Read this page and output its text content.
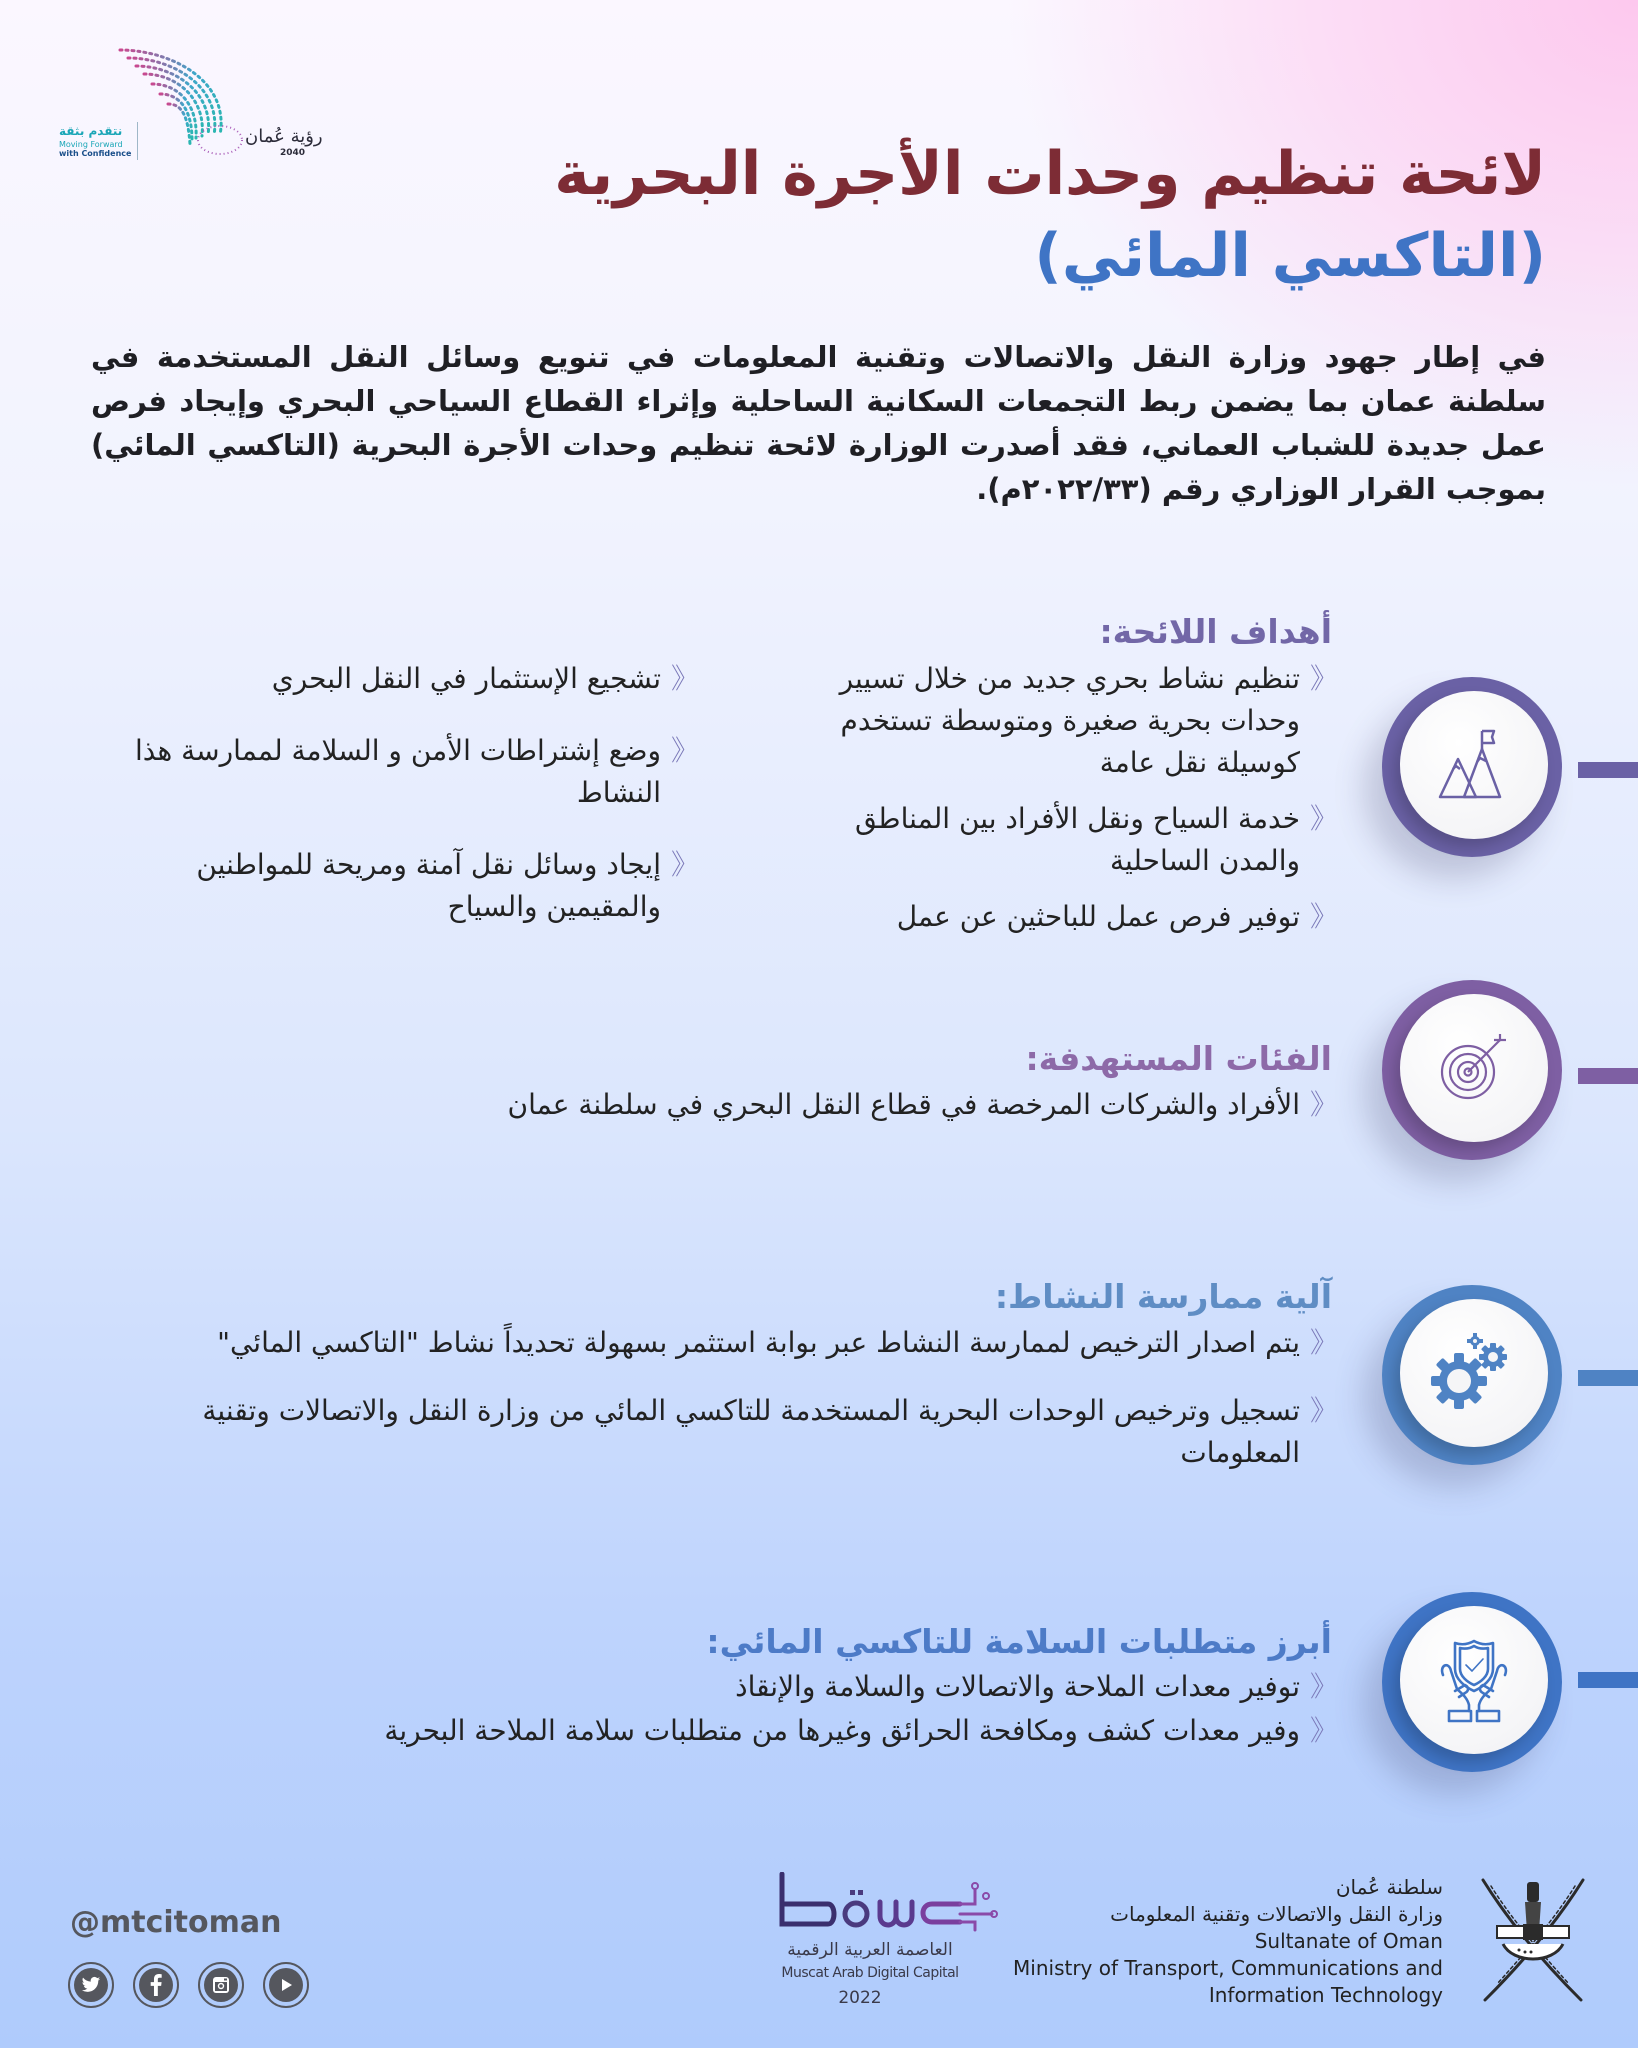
نتقدم بثقة
Moving Forward
with Confidence
رؤية عُمان
2040	لائحة تنظيم وحدات الأجرة البحرية
(التاكسي المائي)
في إطار جهود وزارة النقل والاتصالات وتقنية المعلومات في تنويع وسائل النقل المستخدمة في سلطنة عمان بما يضمن ربط التجمعات السكانية الساحلية وإثراء القطاع السياحي البحري وإيجاد فرص عمل جديدة للشباب العماني، فقد أصدرت الوزارة لائحة تنظيم وحدات الأجرة البحرية (التاكسي المائي) بموجب القرار الوزاري رقم (٢٠٢٢/٣٣م).
أهداف اللائحة:
《
تنظيم نشاط بحري جديد من خلال تسيير وحدات بحرية صغيرة ومتوسطة تستخدم كوسيلة نقل عامة
《
خدمة السياح ونقل الأفراد بين المناطق والمدن الساحلية
《
توفير فرص عمل للباحثين عن عمل
《
تشجيع الإستثمار في النقل البحري
《
وضع إشتراطات الأمن و السلامة لممارسة هذا النشاط
《
إيجاد وسائل نقل آمنة ومريحة للمواطنين والمقيمين والسياح
الفئات المستهدفة:
《
الأفراد والشركات المرخصة في قطاع النقل البحري في سلطنة عمان
آلية ممارسة النشاط:
《
يتم اصدار الترخيص لممارسة النشاط عبر بوابة استثمر بسهولة تحديداً نشاط "التاكسي المائي"
《
تسجيل وترخيص الوحدات البحرية المستخدمة للتاكسي المائي من وزارة النقل والاتصالات وتقنية المعلومات
أبرز متطلبات السلامة للتاكسي المائي:
《
توفير معدات الملاحة والاتصالات والسلامة والإنقاذ
《
وفير معدات كشف ومكافحة الحرائق وغيرها من متطلبات سلامة الملاحة البحرية
@mtcitoman
العاصمة العربية الرقمية
Muscat Arab Digital Capital
2022
سلطنة عُمان
وزارة النقل والاتصالات وتقنية المعلومات
Sultanate of Oman
Ministry of Transport, Communications and
Information Technology
